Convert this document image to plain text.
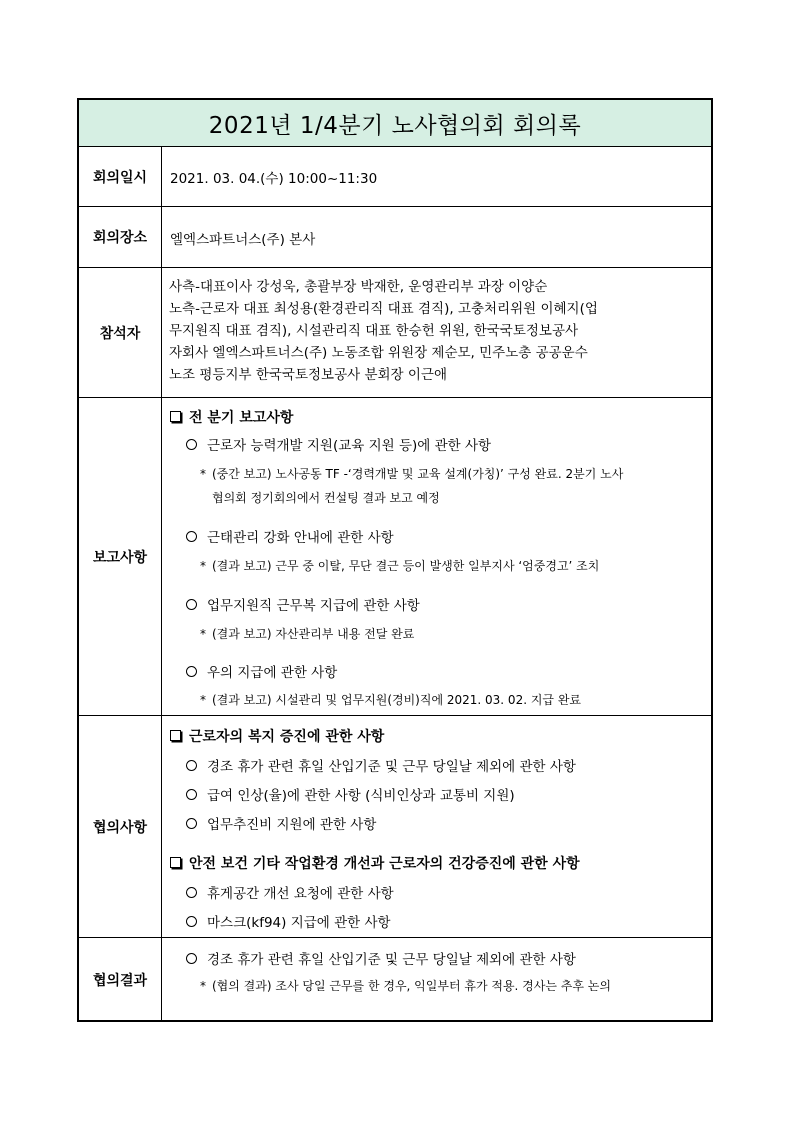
2021년 1/4분기 노사협의회 회의록
회의일시	2021. 03. 04.(수) 10:00~11:30
회의장소	엘엑스파트너스(주) 본사
참석자
사측-대표이사 강성욱, 총괄부장 박재한, 운영관리부 과장 이양순
노측-근로자 대표 최성용(환경관리직 대표 겸직), 고충처리위원 이혜지(업
무지원직 대표 겸직), 시설관리직 대표 한승헌 위원, 한국국토정보공사
자회사 엘엑스파트너스(주) 노동조합 위원장 제순모, 민주노총 공공운수
노조 평등지부 한국국토정보공사 분회장 이근애
보고사항
전 분기 보고사항
근로자 능력개발 지원(교육 지원 등)에 관한 사항
* (중간 보고) 노사공동 TF -‘경력개발 및 교육 설계(가칭)’ 구성 완료. 2분기 노사
협의회 정기회의에서 컨설팅 결과 보고 예정
근태관리 강화 안내에 관한 사항
* (결과 보고) 근무 중 이탈, 무단 결근 등이 발생한 일부지사 ‘엄중경고’ 조치
업무지원직 근무복 지급에 관한 사항
* (결과 보고) 자산관리부 내용 전달 완료
우의 지급에 관한 사항
* (결과 보고) 시설관리 및 업무지원(경비)직에 2021. 03. 02. 지급 완료
협의사항
근로자의 복지 증진에 관한 사항
경조 휴가 관련 휴일 산입기준 및 근무 당일날 제외에 관한 사항
급여 인상(율)에 관한 사항 (식비인상과 교통비 지원)
업무추진비 지원에 관한 사항
안전 보건 기타 작업환경 개선과 근로자의 건강증진에 관한 사항
휴게공간 개선 요청에 관한 사항
마스크(kf94) 지급에 관한 사항
협의결과
경조 휴가 관련 휴일 산입기준 및 근무 당일날 제외에 관한 사항
* (협의 결과) 조사 당일 근무를 한 경우, 익일부터 휴가 적용. 경사는 추후 논의
